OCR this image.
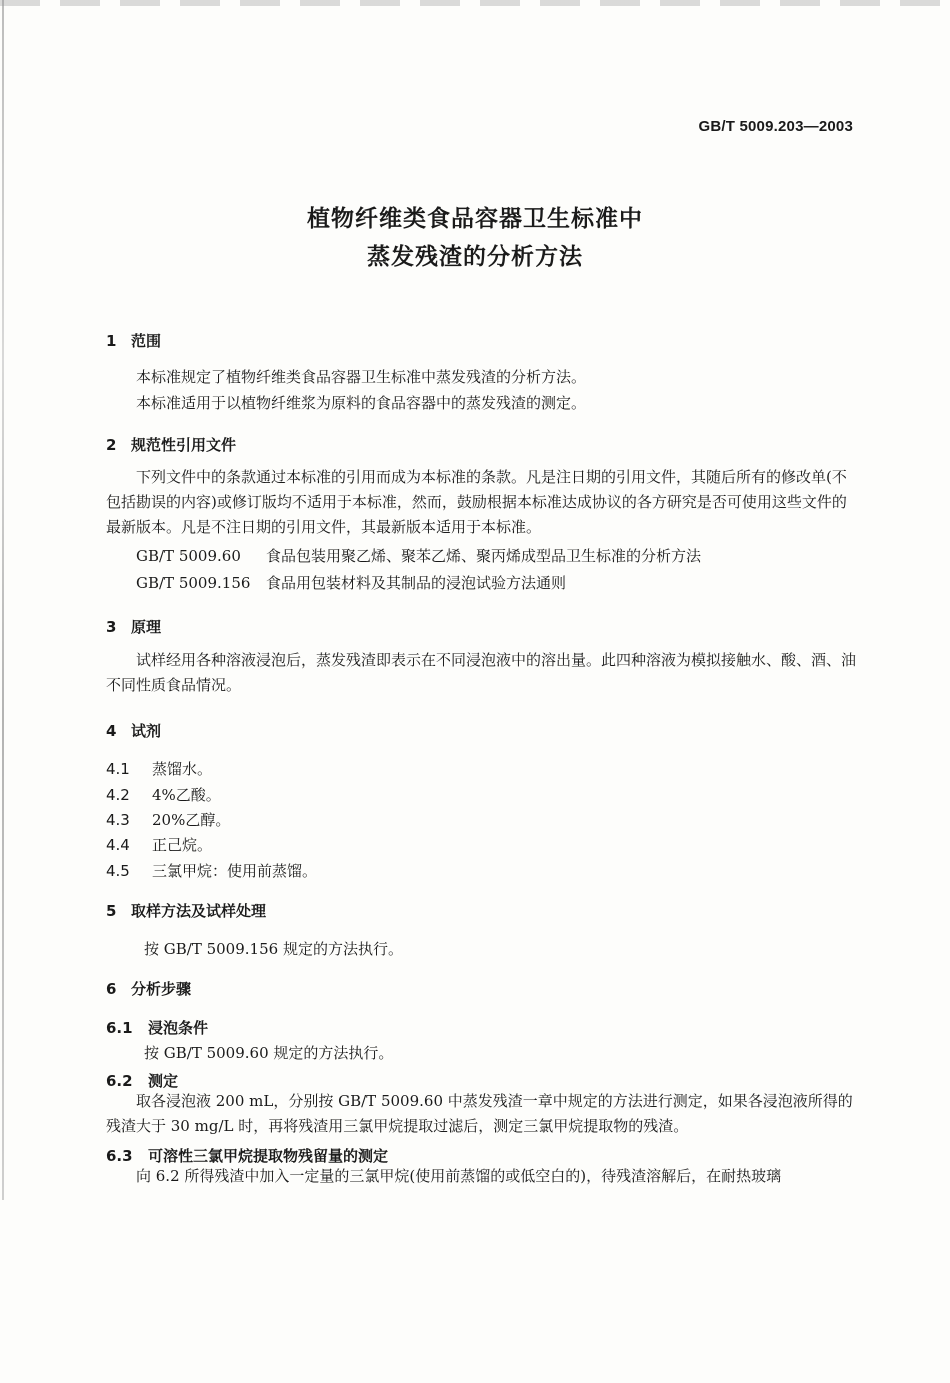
GB/T 5009.203—2003
植物纤维类食品容器卫生标准中
蒸发残渣的分析方法
1 范围
本标准规定了植物纤维类食品容器卫生标准中蒸发残渣的分析方法。
本标准适用于以植物纤维浆为原料的食品容器中的蒸发残渣的测定。
2 规范性引用文件
下列文件中的条款通过本标准的引用而成为本标准的条款。凡是注日期的引用文件，其随后所有的修改单(不包括勘误的内容)或修订版均不适用于本标准，然而，鼓励根据本标准达成协议的各方研究是否可使用这些文件的最新版本。凡是不注日期的引用文件，其最新版本适用于本标准。
GB/T 5009.60 食品包装用聚乙烯、聚苯乙烯、聚丙烯成型品卫生标准的分析方法
GB/T 5009.156 食品用包装材料及其制品的浸泡试验方法通则
3 原理
试样经用各种溶液浸泡后，蒸发残渣即表示在不同浸泡液中的溶出量。此四种溶液为模拟接触水、酸、酒、油不同性质食品情况。
4 试剂
4.1 蒸馏水。
4.2 4%乙酸。
4.3 20%乙醇。
4.4 正己烷。
4.5 三氯甲烷：使用前蒸馏。
5 取样方法及试样处理
按 GB/T 5009.156 规定的方法执行。
6 分析步骤
6.1 浸泡条件
按 GB/T 5009.60 规定的方法执行。
6.2 测定
取各浸泡液 200 mL，分别按 GB/T 5009.60 中蒸发残渣一章中规定的方法进行测定，如果各浸泡液所得的残渣大于 30 mg/L 时，再将残渣用三氯甲烷提取过滤后，测定三氯甲烷提取物的残渣。
6.3 可溶性三氯甲烷提取物残留量的测定
向 6.2 所得残渣中加入一定量的三氯甲烷(使用前蒸馏的或低空白的)，待残渣溶解后，在耐热玻璃
